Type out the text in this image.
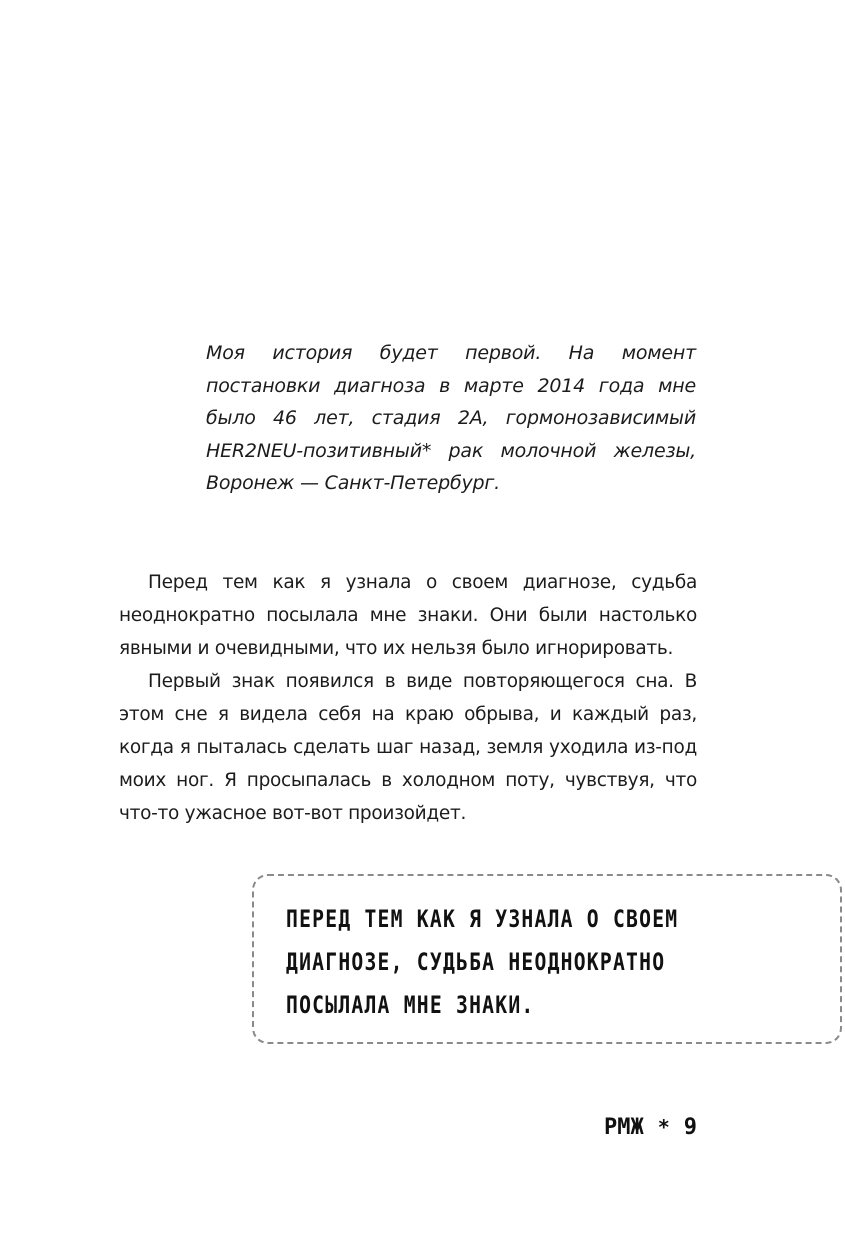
Моя история будет первой. На момент постановки диагноза в марте 2014 года мне было 46 лет, стадия 2А, гормонозависимый HER2NEU-позитивный* рак молочной железы, Воронеж — Санкт-Петербург.

Перед тем как я узнала о своем диагнозе, судьба неоднократно посылала мне знаки. Они были настолько явными и очевидными, что их нельзя было игнорировать.

Первый знак появился в виде повторяющегося сна. В этом сне я видела себя на краю обрыва, и каждый раз, когда я пыталась сделать шаг назад, земля уходила из-под моих ног. Я просыпалась в холодном поту, чувствуя, что что-то ужасное вот-вот произойдет.

ПЕРЕД ТЕМ КАК Я УЗНАЛА О СВОЕМ
ДИАГНОЗЕ, СУДЬБА НЕОДНОКРАТНО
ПОСЫЛАЛА МНЕ ЗНАКИ.
РМЖ * 9
